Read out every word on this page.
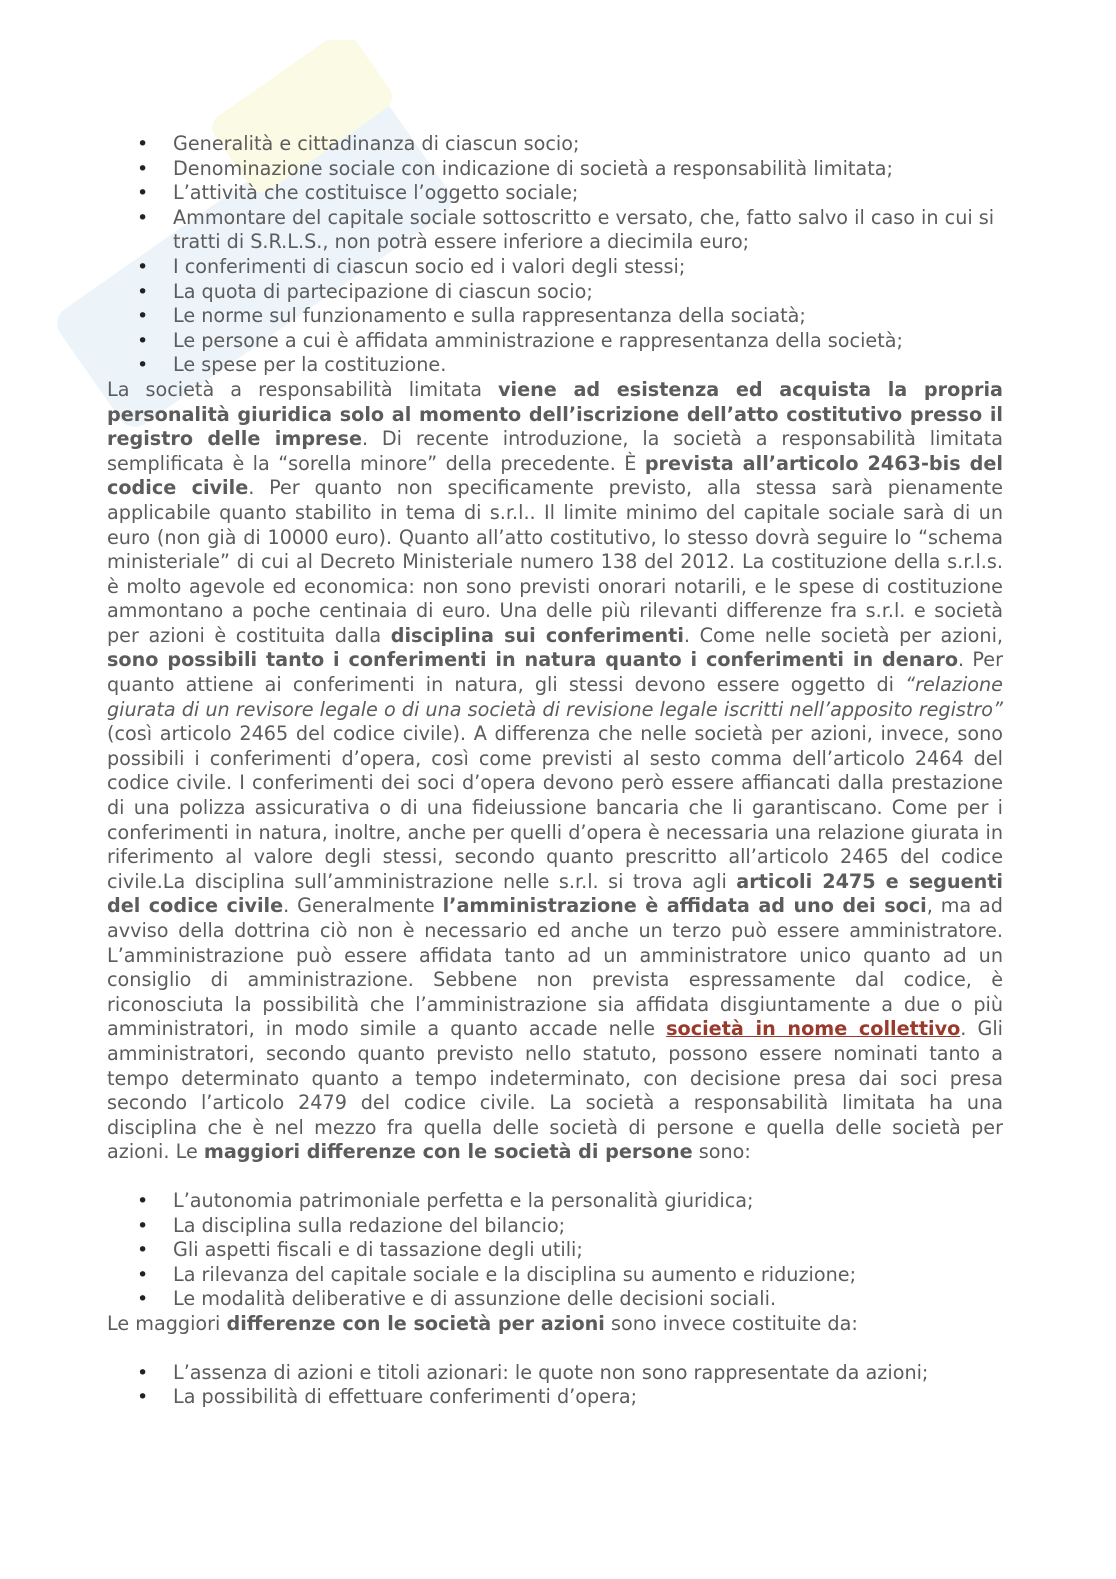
• Generalità e cittadinanza di ciascun socio;
• Denominazione sociale con indicazione di società a responsabilità limitata;
• L’attività che costituisce l’oggetto sociale;
• Ammontare del capitale sociale sottoscritto e versato, che, fatto salvo il caso in cui si tratti di S.R.L.S., non potrà essere inferiore a diecimila euro;
• I conferimenti di ciascun socio ed i valori degli stessi;
• La quota di partecipazione di ciascun socio;
• Le norme sul funzionamento e sulla rappresentanza della sociatà;
• Le persone a cui è affidata amministrazione e rappresentanza della società;
• Le spese per la costituzione.

La società a responsabilità limitata viene ad esistenza ed acquista la propria personalità giuridica solo al momento dell’iscrizione dell’atto costitutivo presso il registro delle imprese. Di recente introduzione, la società a responsabilità limitata semplificata è la “sorella minore” della precedente. È prevista all’articolo 2463-bis del codice civile. Per quanto non specificamente previsto, alla stessa sarà pienamente applicabile quanto stabilito in tema di s.r.l.. Il limite minimo del capitale sociale sarà di un euro (non già di 10000 euro). Quanto all’atto costitutivo, lo stesso dovrà seguire lo “schema ministeriale” di cui al Decreto Ministeriale numero 138 del 2012. La costituzione della s.r.l.s. è molto agevole ed economica: non sono previsti onorari notarili, e le spese di costituzione ammontano a poche centinaia di euro. Una delle più rilevanti differenze fra s.r.l. e società per azioni è costituita dalla disciplina sui conferimenti. Come nelle società per azioni, sono possibili tanto i conferimenti in natura quanto i conferimenti in denaro. Per quanto attiene ai conferimenti in natura, gli stessi devono essere oggetto di “relazione giurata di un revisore legale o di una società di revisione legale iscritti nell’apposito registro” (così articolo 2465 del codice civile). A differenza che nelle società per azioni, invece, sono possibili i conferimenti d’opera, così come previsti al sesto comma dell’articolo 2464 del codice civile. I conferimenti dei soci d’opera devono però essere affiancati dalla prestazione di una polizza assicurativa o di una fideiussione bancaria che li garantiscano. Come per i conferimenti in natura, inoltre, anche per quelli d’opera è necessaria una relazione giurata in riferimento al valore degli stessi, secondo quanto prescritto all’articolo 2465 del codice civile.La disciplina sull’amministrazione nelle s.r.l. si trova agli articoli 2475 e seguenti del codice civile. Generalmente l’amministrazione è affidata ad uno dei soci, ma ad avviso della dottrina ciò non è necessario ed anche un terzo può essere amministratore. L’amministrazione può essere affidata tanto ad un amministratore unico quanto ad un consiglio di amministrazione. Sebbene non prevista espressamente dal codice, è riconosciuta la possibilità che l’amministrazione sia affidata disgiuntamente a due o più amministratori, in modo simile a quanto accade nelle società in nome collettivo. Gli amministratori, secondo quanto previsto nello statuto, possono essere nominati tanto a tempo determinato quanto a tempo indeterminato, con decisione presa dai soci presa secondo l’articolo 2479 del codice civile. La società a responsabilità limitata ha una disciplina che è nel mezzo fra quella delle società di persone e quella delle società per azioni. Le maggiori differenze con le società di persone sono:

• L’autonomia patrimoniale perfetta e la personalità giuridica;
• La disciplina sulla redazione del bilancio;
• Gli aspetti fiscali e di tassazione degli utili;
• La rilevanza del capitale sociale e la disciplina su aumento e riduzione;
• Le modalità deliberative e di assunzione delle decisioni sociali.

Le maggiori differenze con le società per azioni sono invece costituite da:

• L’assenza di azioni e titoli azionari: le quote non sono rappresentate da azioni;
• La possibilità di effettuare conferimenti d’opera;
